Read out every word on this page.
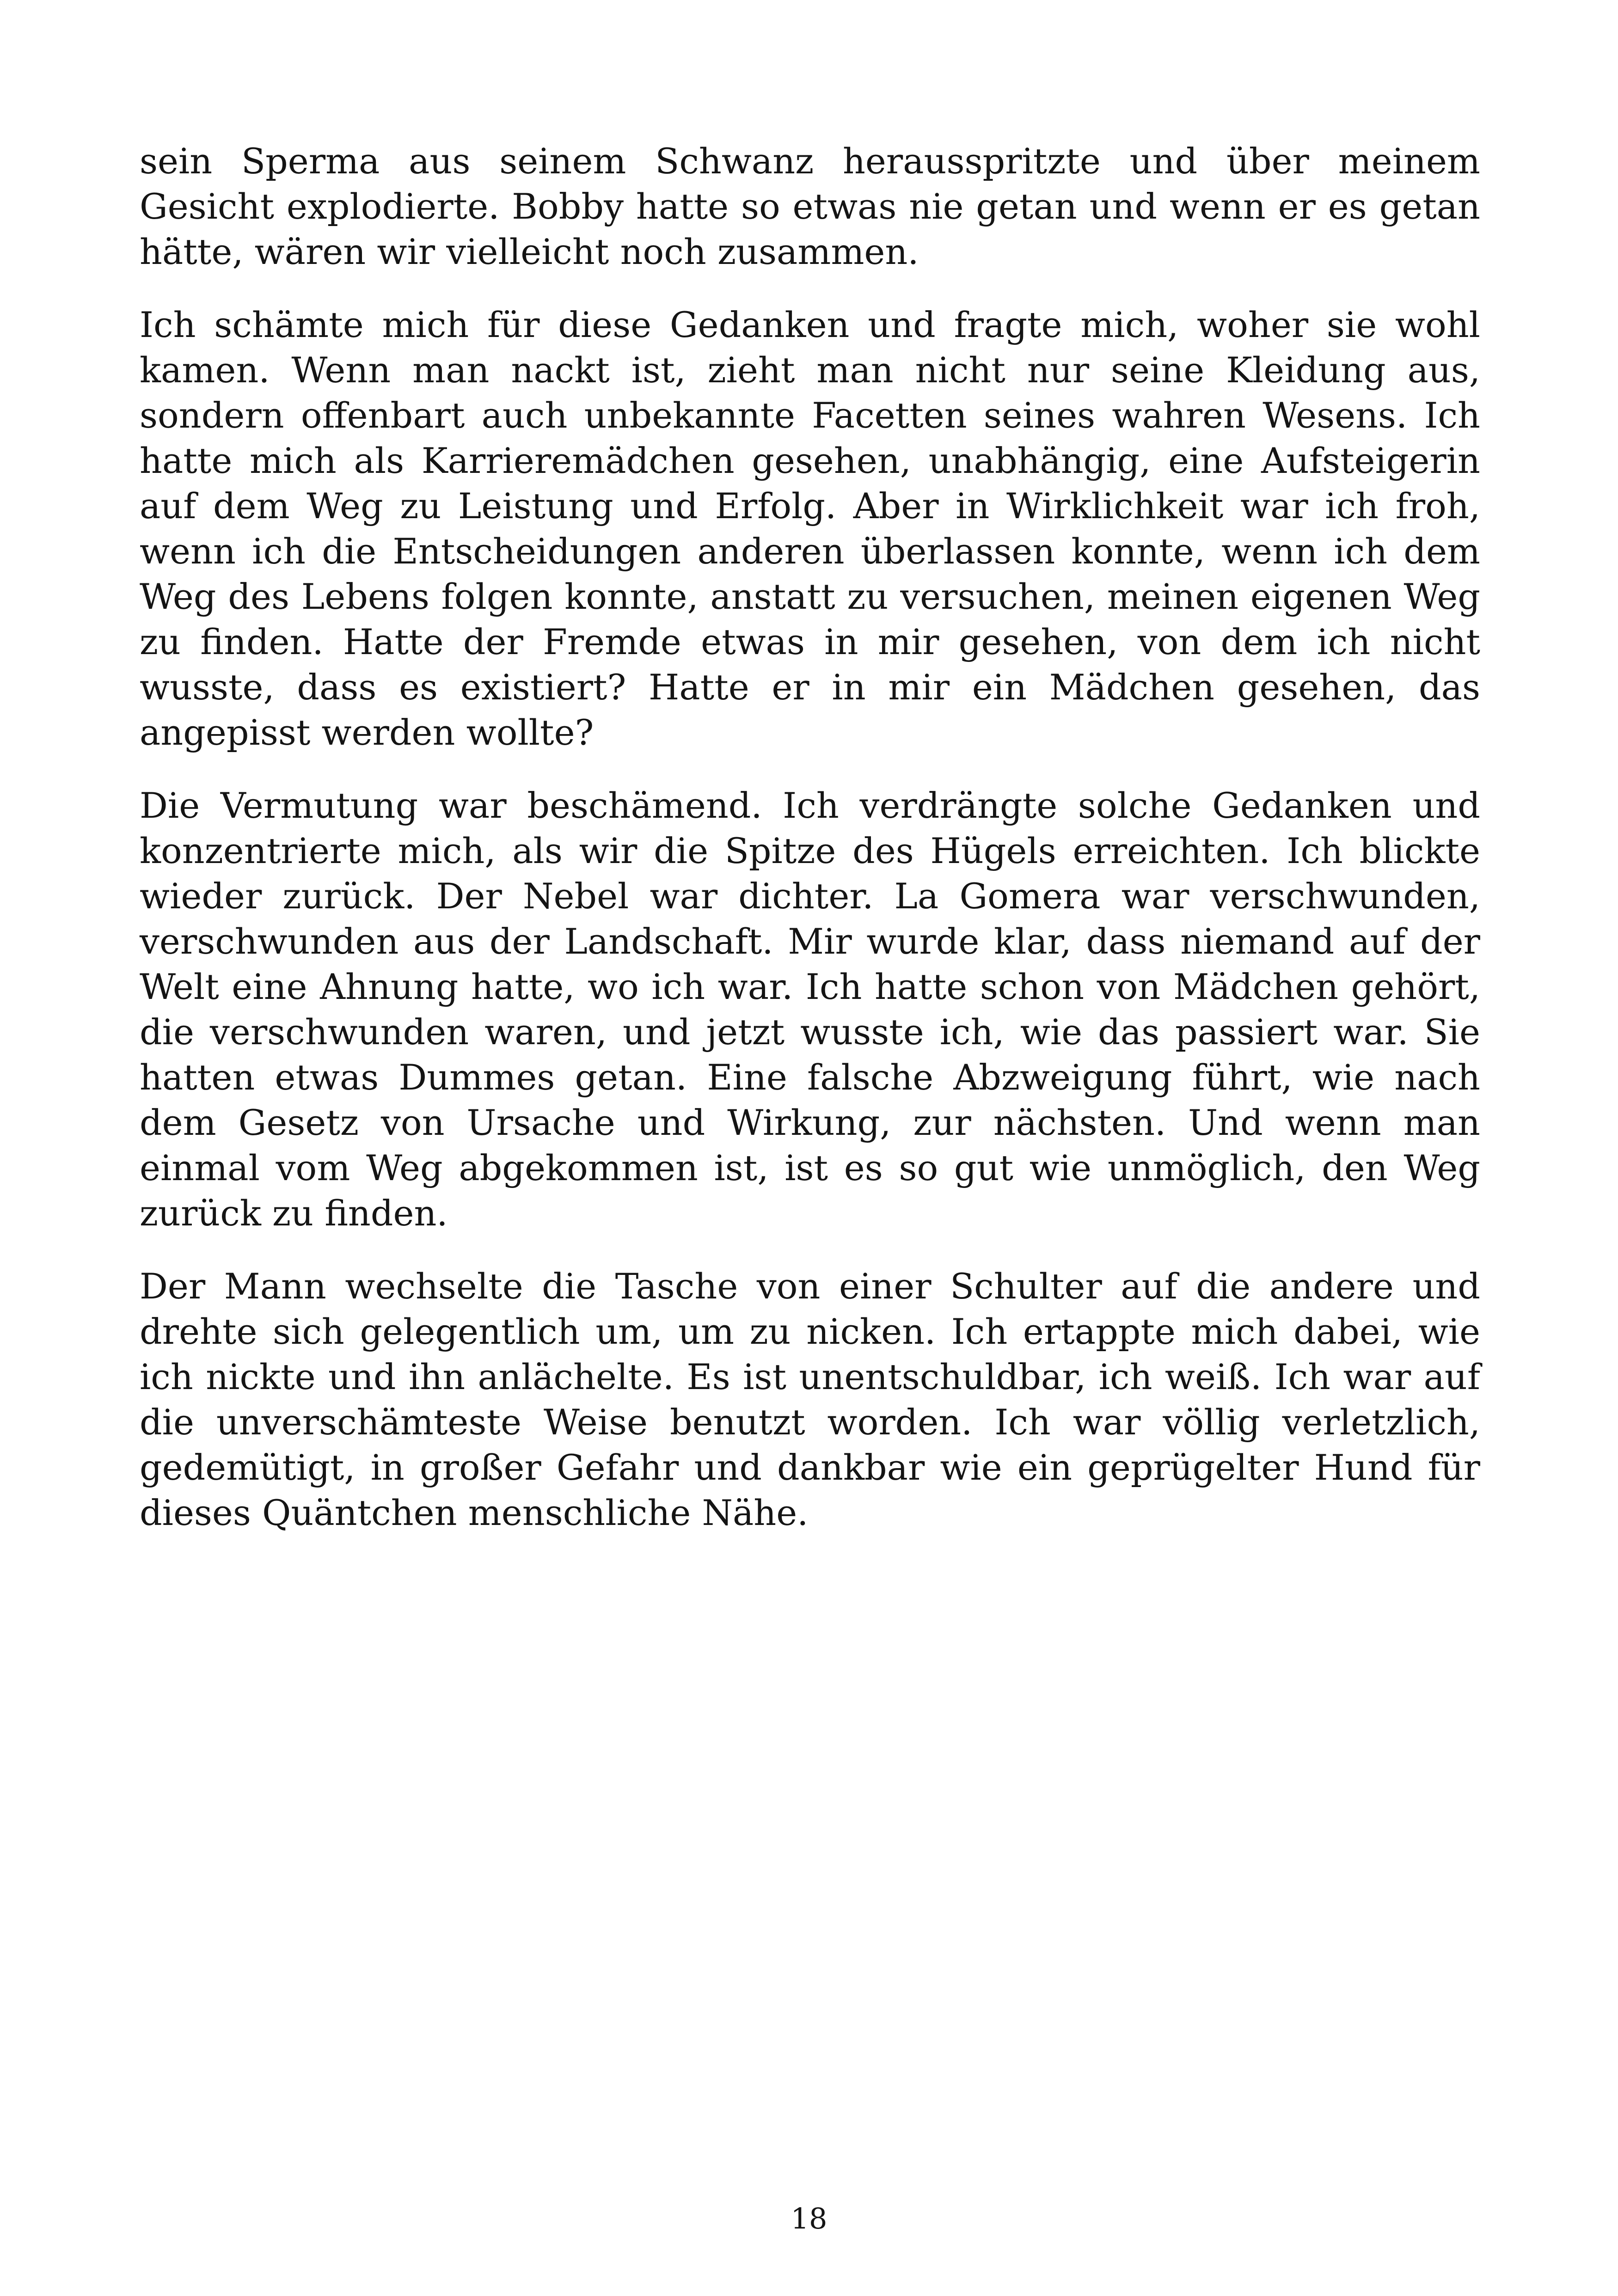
sein Sperma aus seinem Schwanz herausspritzte und über meinem Gesicht explodierte. Bobby hatte so etwas nie getan und wenn er es getan hätte, wären wir vielleicht noch zusammen.

Ich schämte mich für diese Gedanken und fragte mich, woher sie wohl kamen. Wenn man nackt ist, zieht man nicht nur seine Kleidung aus, sondern offenbart auch unbekannte Facetten seines wahren Wesens. Ich hatte mich als Karrieremädchen gesehen, unabhängig, eine Aufsteigerin auf dem Weg zu Leistung und Erfolg. Aber in Wirklichkeit war ich froh, wenn ich die Entscheidungen anderen überlassen konnte, wenn ich dem Weg des Lebens folgen konnte, anstatt zu versuchen, meinen eigenen Weg zu finden. Hatte der Fremde etwas in mir gesehen, von dem ich nicht wusste, dass es existiert? Hatte er in mir ein Mädchen gesehen, das angepisst werden wollte?

Die Vermutung war beschämend. Ich verdrängte solche Gedanken und konzentrierte mich, als wir die Spitze des Hügels erreichten. Ich blickte wieder zurück. Der Nebel war dichter. La Gomera war verschwunden, verschwunden aus der Landschaft. Mir wurde klar, dass niemand auf der Welt eine Ahnung hatte, wo ich war. Ich hatte schon von Mädchen gehört, die verschwunden waren, und jetzt wusste ich, wie das passiert war. Sie hatten etwas Dummes getan. Eine falsche Abzweigung führt, wie nach dem Gesetz von Ursache und Wirkung, zur nächsten. Und wenn man einmal vom Weg abgekommen ist, ist es so gut wie unmöglich, den Weg zurück zu finden.

Der Mann wechselte die Tasche von einer Schulter auf die andere und drehte sich gelegentlich um, um zu nicken. Ich ertappte mich dabei, wie ich nickte und ihn anlächelte. Es ist unentschuldbar, ich weiß. Ich war auf die unverschämteste Weise benutzt worden. Ich war völlig verletzlich, gedemütigt, in großer Gefahr und dankbar wie ein geprügelter Hund für dieses Quäntchen menschliche Nähe.

18
